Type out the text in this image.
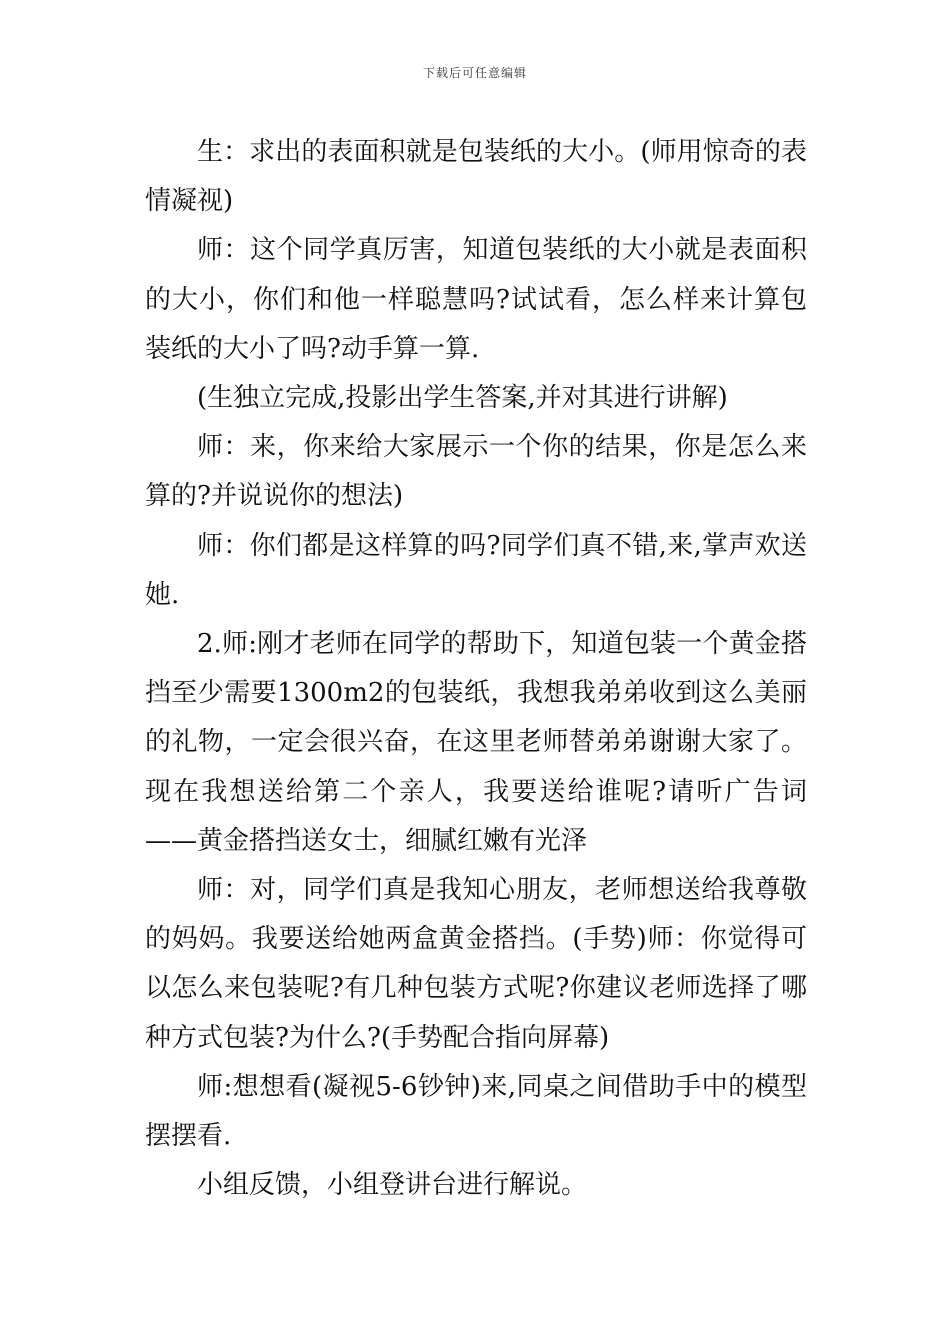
下载后可任意编辑

生：求出的表面积就是包装纸的大小。(师用惊奇的表情凝视)

师：这个同学真厉害，知道包装纸的大小就是表面积的大小，你们和他一样聪慧吗?试试看，怎么样来计算包装纸的大小了吗?动手算一算.

(生独立完成,投影出学生答案,并对其进行讲解)

师：来，你来给大家展示一个你的结果，你是怎么来算的?并说说你的想法)

师：你们都是这样算的吗?同学们真不错,来,掌声欢送她.

2.师:刚才老师在同学的帮助下，知道包装一个黄金搭挡至少需要1300m2的包装纸，我想我弟弟收到这么美丽的礼物，一定会很兴奋，在这里老师替弟弟谢谢大家了。现在我想送给第二个亲人，我要送给谁呢?请听广告词——黄金搭挡送女士，细腻红嫩有光泽

师：对，同学们真是我知心朋友，老师想送给我尊敬的妈妈。我要送给她两盒黄金搭挡。(手势)师：你觉得可以怎么来包装呢?有几种包装方式呢?你建议老师选择了哪种方式包装?为什么?(手势配合指向屏幕)

师:想想看(凝视5-6钞钟)来,同桌之间借助手中的模型摆摆看.

小组反馈，小组登讲台进行解说。
